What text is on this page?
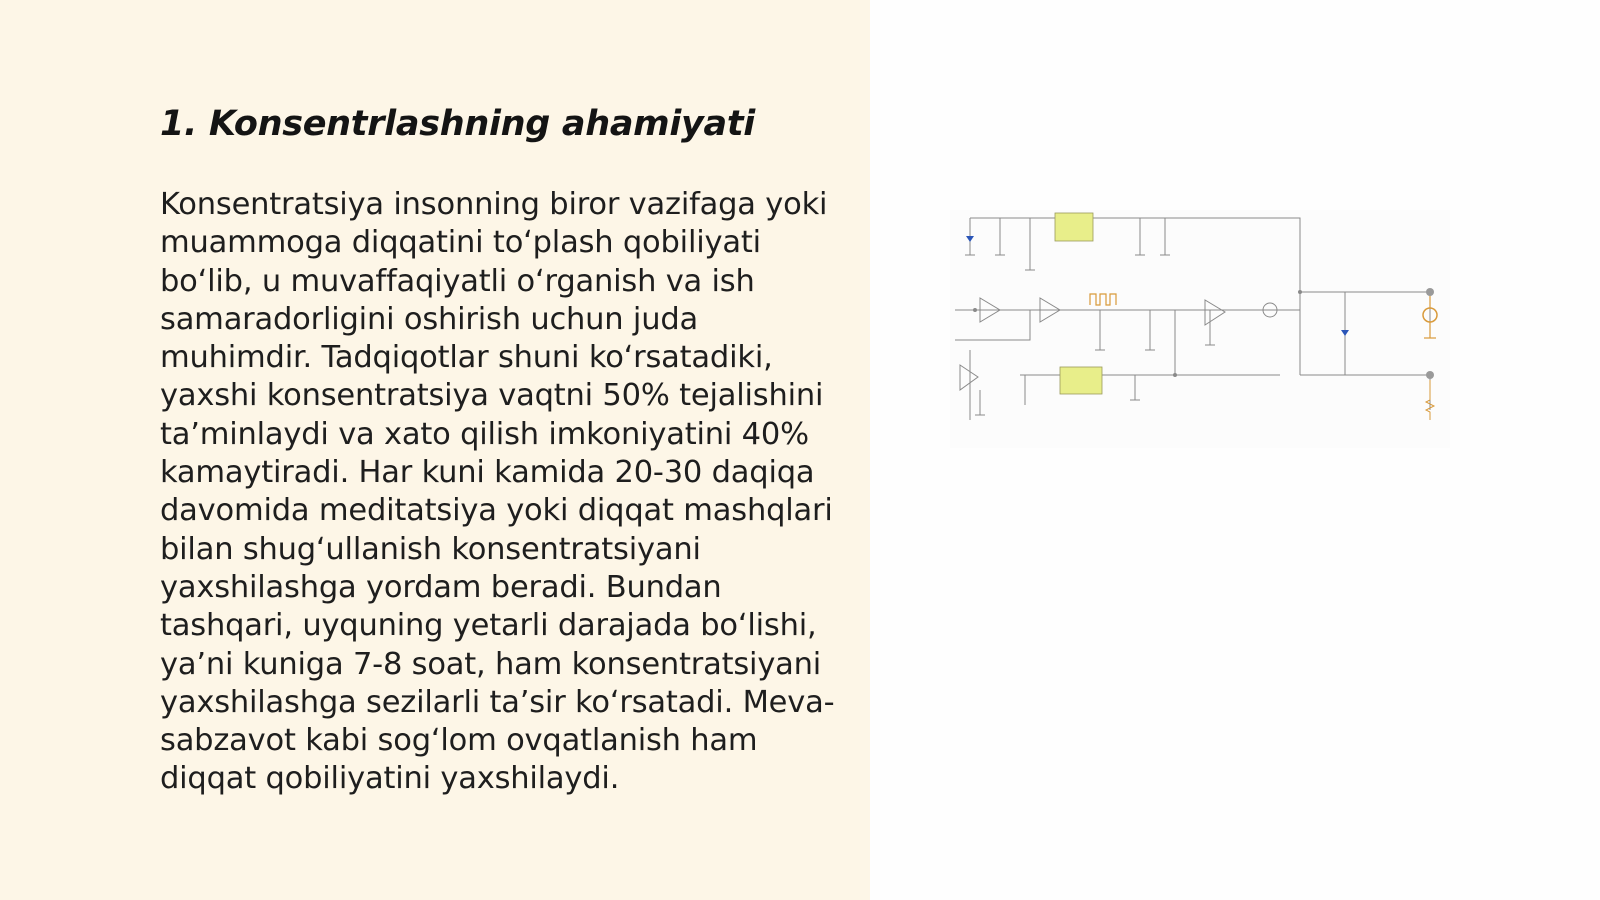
1. Konsentrlashning ahamiyati

Konsentratsiya insonning biror vazifaga yoki muammoga diqqatini to‘plash qobiliyati bo‘lib, u muvaffaqiyatli o‘rganish va ish samaradorligini oshirish uchun juda muhimdir. Tadqiqotlar shuni ko‘rsatadiki, yaxshi konsentratsiya vaqtni 50% tejalishini ta’minlaydi va xato qilish imkoniyatini 40% kamaytiradi. Har kuni kamida 20-30 daqiqa davomida meditatsiya yoki diqqat mashqlari bilan shug‘ullanish konsentratsiyani yaxshilashga yordam beradi. Bundan tashqari, uyquning yetarli darajada bo‘lishi, ya’ni kuniga 7-8 soat, ham konsentratsiyani yaxshilashga sezilarli ta’sir ko‘rsatadi. Meva-sabzavot kabi sog‘lom ovqatlanish ham diqqat qobiliyatini yaxshilaydi.
